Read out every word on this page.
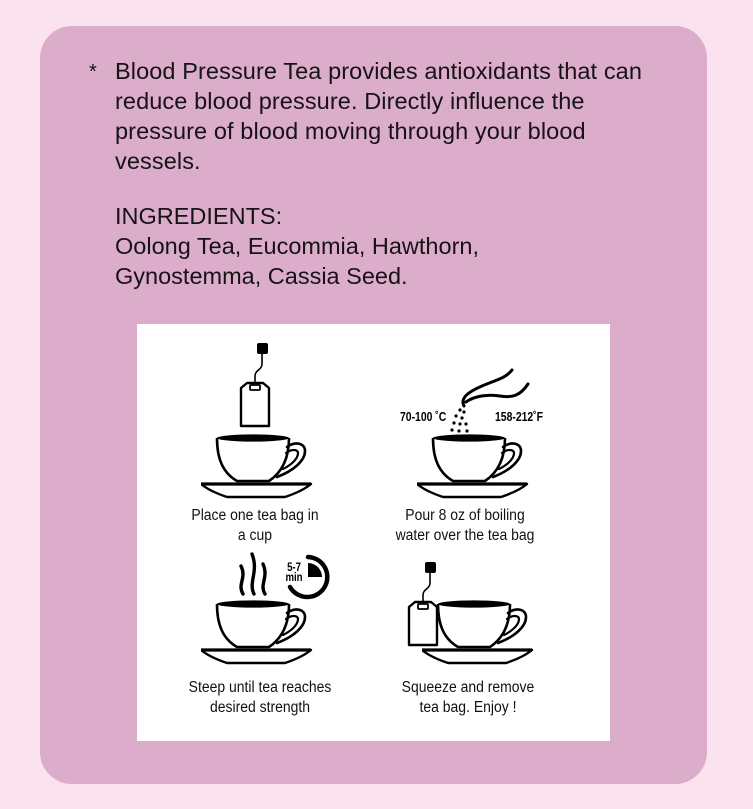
* Blood Pressure Tea provides antioxidants that can reduce blood pressure. Directly influence the pressure of blood moving through your blood vessels.
INGREDIENTS:
Oolong Tea, Eucommia, Hawthorn, Gynostemma, Cassia Seed.
Place one tea bag in
a cup
70-100 ˚C	158-212˚F
Pour 8 oz of boiling
water over the tea bag
5-7
min
Steep until tea reaches
desired strength
Squeeze and remove
tea bag. Enjoy !
